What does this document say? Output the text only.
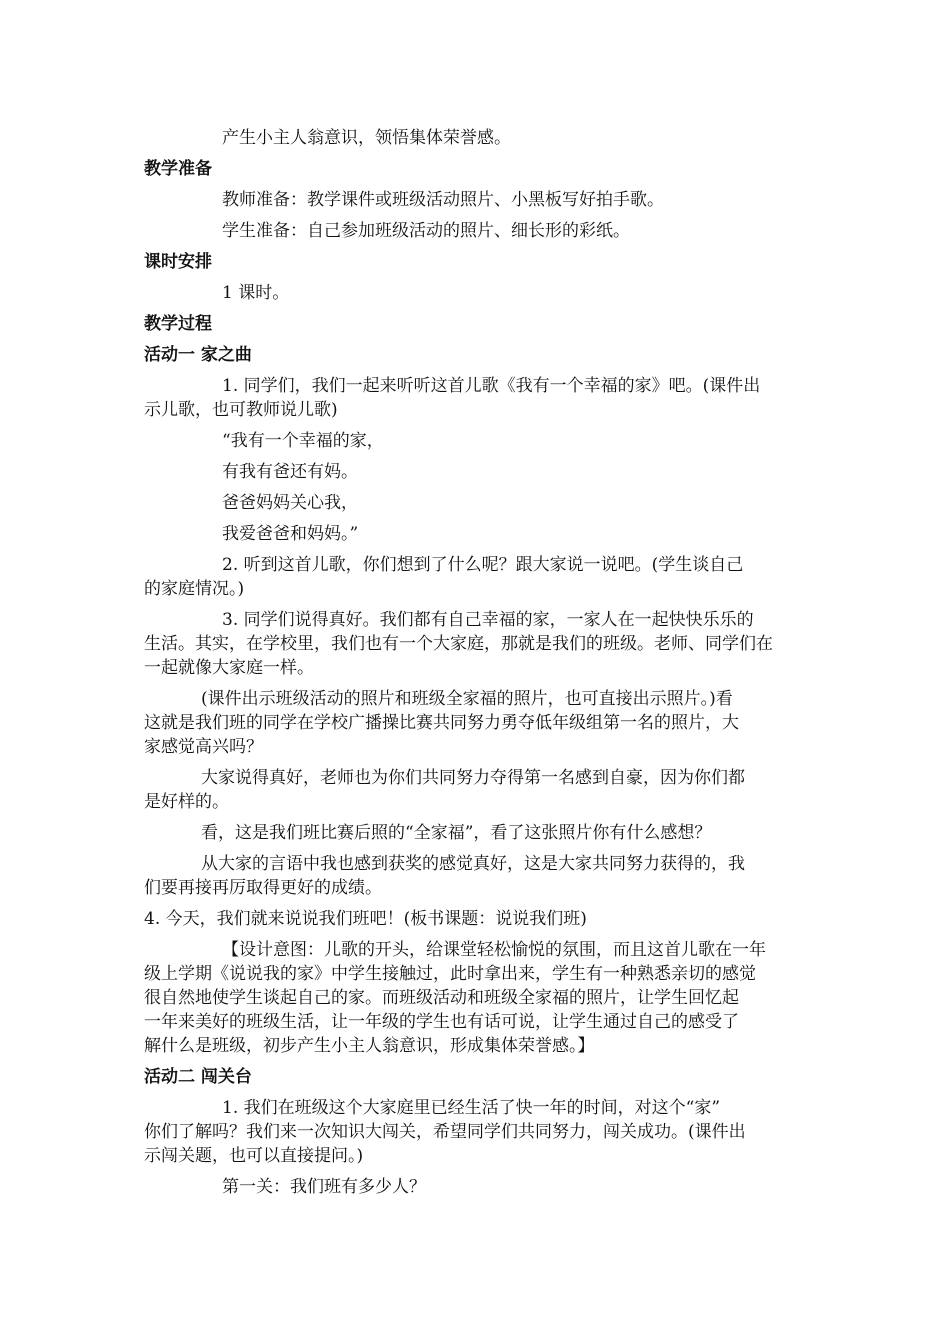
产生小主人翁意识，领悟集体荣誉感。
教学准备
教师准备：教学课件或班级活动照片、小黑板写好拍手歌。
学生准备：自己参加班级活动的照片、细长形的彩纸。
课时安排
1 课时。
教学过程
活动一 家之曲
1. 同学们，我们一起来听听这首儿歌《我有一个幸福的家》吧。(课件出
示儿歌，也可教师说儿歌)
“我有一个幸福的家，
有我有爸还有妈。
爸爸妈妈关心我，
我爱爸爸和妈妈。”
2. 听到这首儿歌，你们想到了什么呢？跟大家说一说吧。(学生谈自己
的家庭情况。)
3. 同学们说得真好。我们都有自己幸福的家，一家人在一起快快乐乐的
生活。其实，在学校里，我们也有一个大家庭，那就是我们的班级。老师、同学们在
一起就像大家庭一样。
(课件出示班级活动的照片和班级全家福的照片，也可直接出示照片。)看
这就是我们班的同学在学校广播操比赛共同努力勇夺低年级组第一名的照片，大
家感觉高兴吗？
大家说得真好，老师也为你们共同努力夺得第一名感到自豪，因为你们都
是好样的。
看，这是我们班比赛后照的“全家福”，看了这张照片你有什么感想？
从大家的言语中我也感到获奖的感觉真好，这是大家共同努力获得的，我
们要再接再厉取得更好的成绩。
4. 今天，我们就来说说我们班吧！(板书课题：说说我们班)
【设计意图：儿歌的开头，给课堂轻松愉悦的氛围，而且这首儿歌在一年
级上学期《说说我的家》中学生接触过，此时拿出来，学生有一种熟悉亲切的感觉
很自然地使学生谈起自己的家。而班级活动和班级全家福的照片，让学生回忆起
一年来美好的班级生活，让一年级的学生也有话可说，让学生通过自己的感受了
解什么是班级，初步产生小主人翁意识，形成集体荣誉感。】
活动二 闯关台
1. 我们在班级这个大家庭里已经生活了快一年的时间，对这个“家”
你们了解吗？我们来一次知识大闯关，希望同学们共同努力，闯关成功。(课件出
示闯关题，也可以直接提问。)
第一关：我们班有多少人？
